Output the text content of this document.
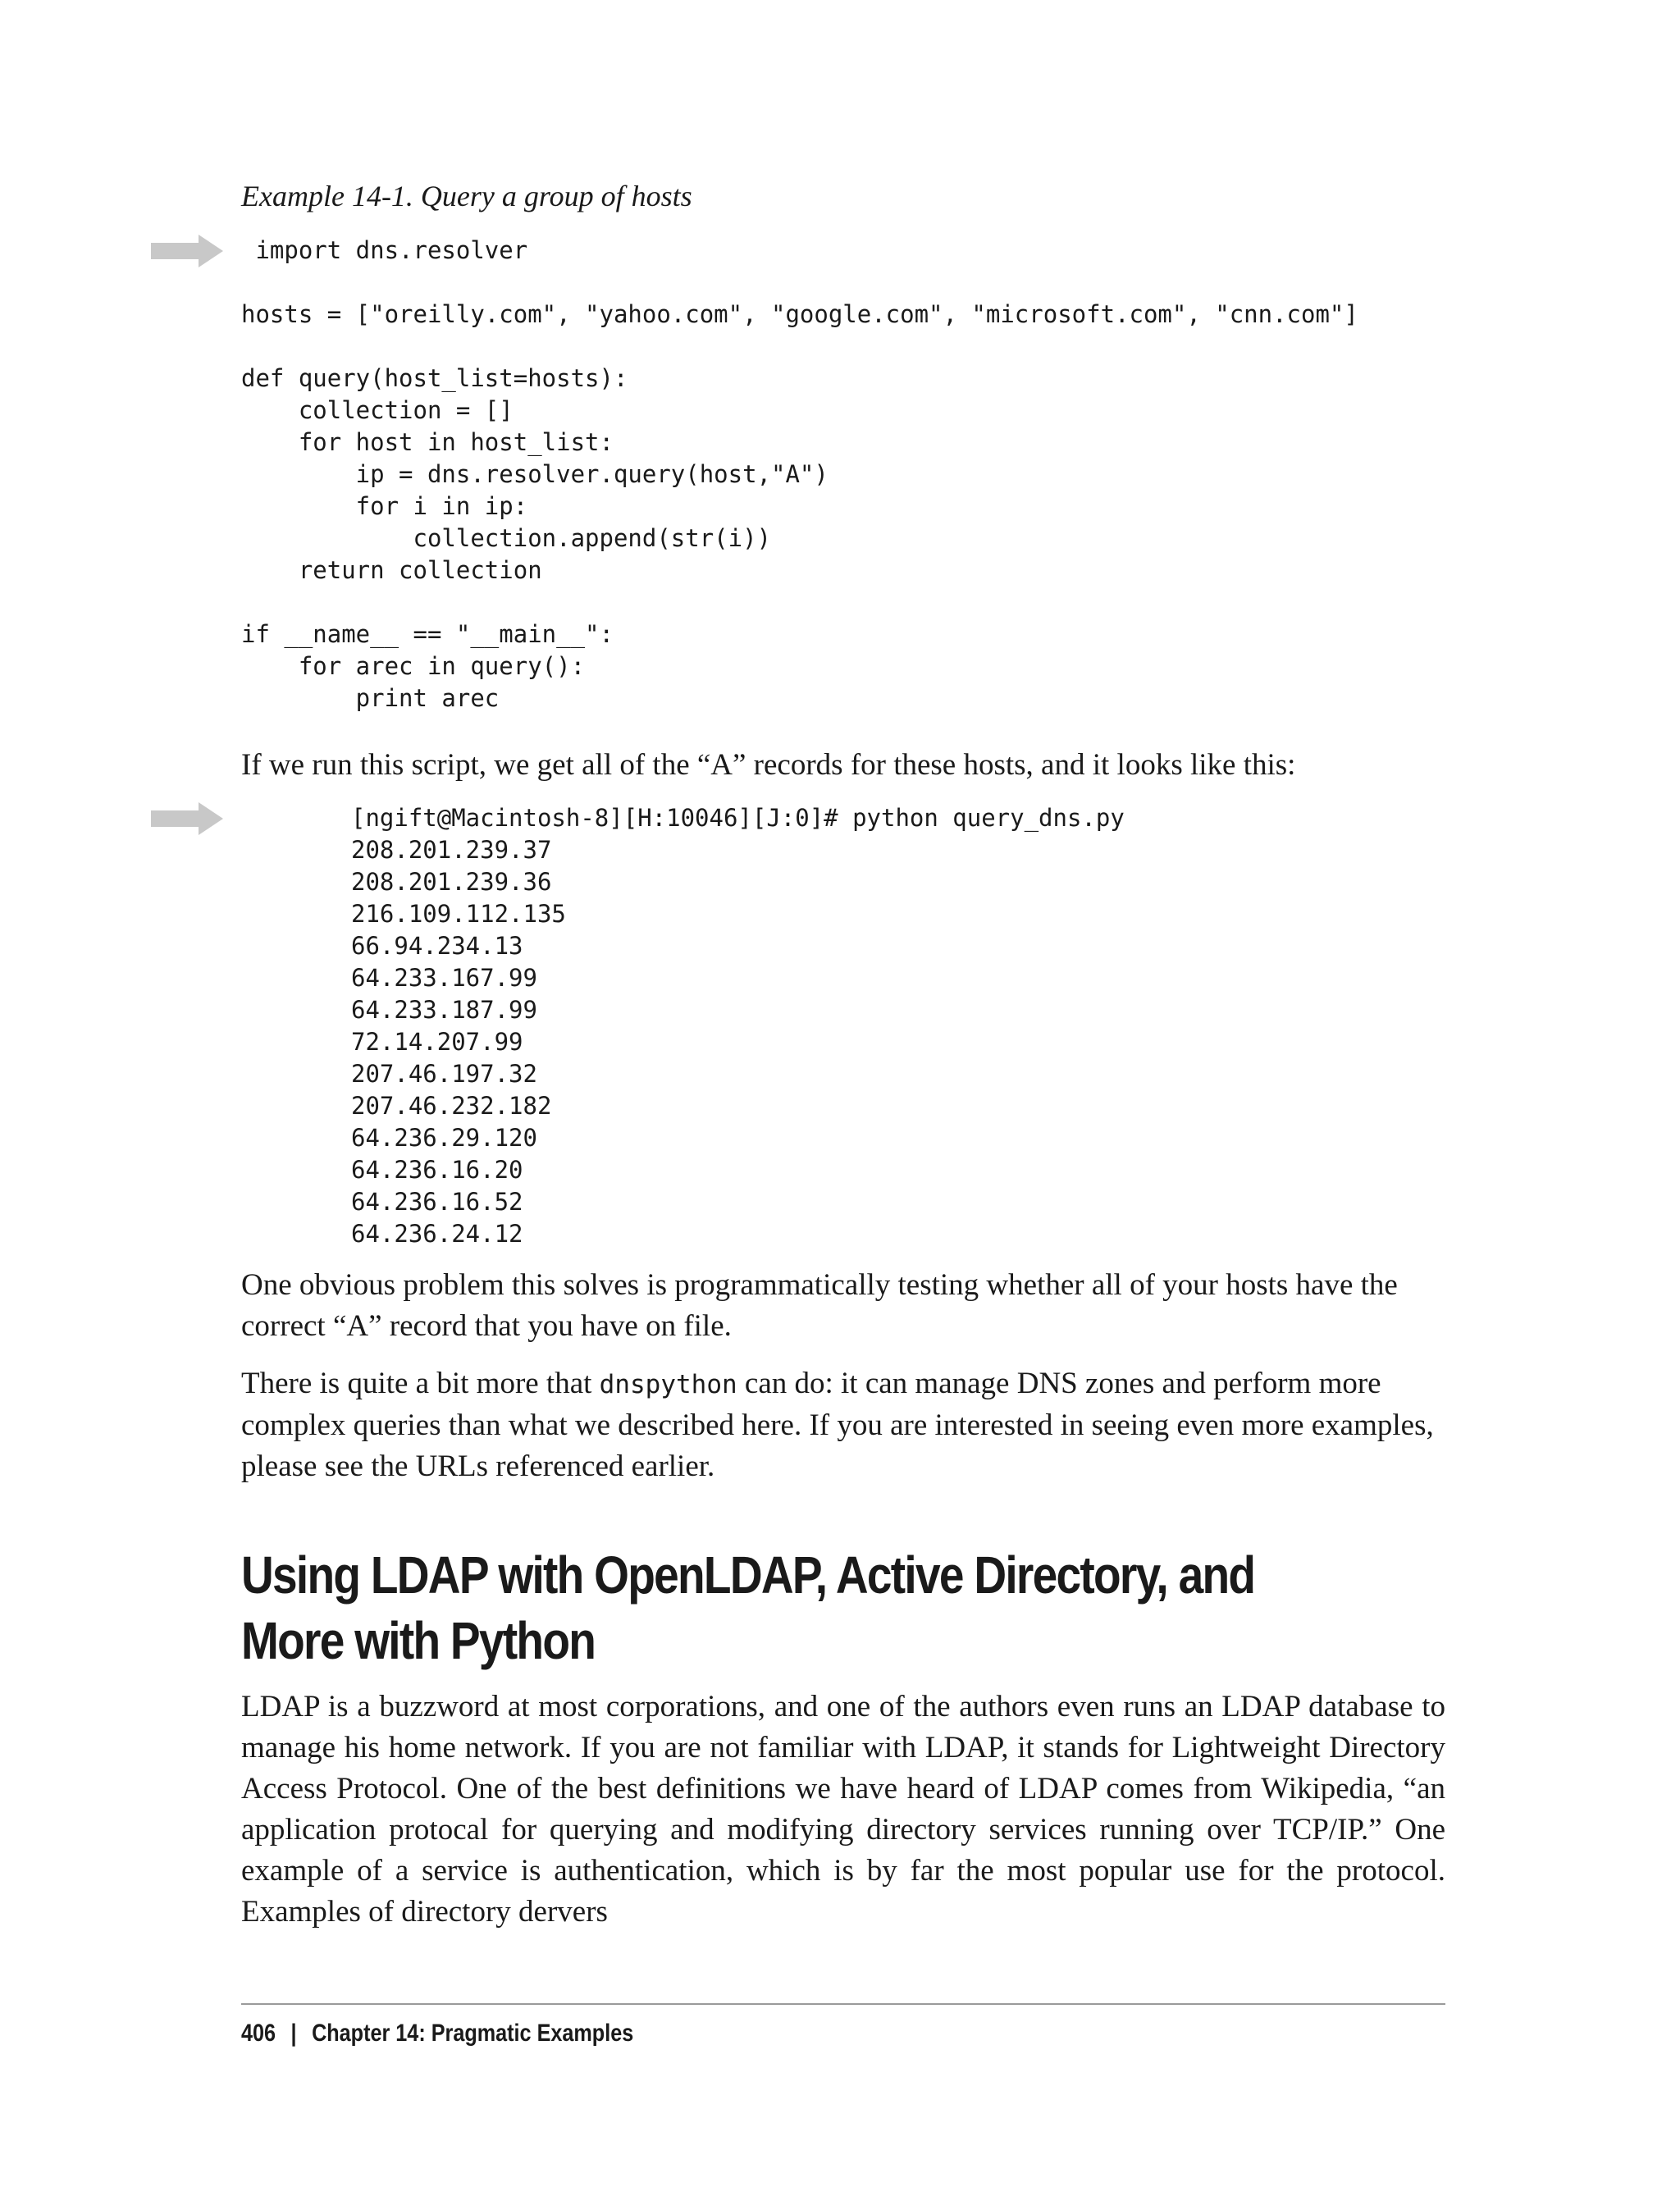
Example 14-1. Query a group of hosts
import dns.resolver

hosts = ["oreilly.com", "yahoo.com", "google.com", "microsoft.com", "cnn.com"]

def query(host_list=hosts):
collection = []
for host in host_list:
ip = dns.resolver.query(host,"A")
for i in ip:
collection.append(str(i))
return collection

if __name__ == "__main__":
for arec in query():
print arec

If we run this script, we get all of the “A” records for these hosts, and it looks like this:

[ngift@Macintosh-8][H:10046][J:0]# python query_dns.py
208.201.239.37
208.201.239.36
216.109.112.135
66.94.234.13
64.233.167.99
64.233.187.99
72.14.207.99
207.46.197.32
207.46.232.182
64.236.29.120
64.236.16.20
64.236.16.52
64.236.24.12

One obvious problem this solves is programmatically testing whether all of your hosts have the correct “A” record that you have on file.

There is quite a bit more that dnspython can do: it can manage DNS zones and perform more complex queries than what we described here. If you are interested in seeing even more examples, please see the URLs referenced earlier.

Using LDAP with OpenLDAP, Active Directory, and More with Python

LDAP is a buzzword at most corporations, and one of the authors even runs an LDAP database to manage his home network. If you are not familiar with LDAP, it stands for Lightweight Directory Access Protocol. One of the best definitions we have heard of LDAP comes from Wikipedia, “an application protocal for querying and modifying directory services running over TCP/IP.” One example of a service is authentication, which is by far the most popular use for the protocol. Examples of directory dervers

406 | Chapter 14: Pragmatic Examples
